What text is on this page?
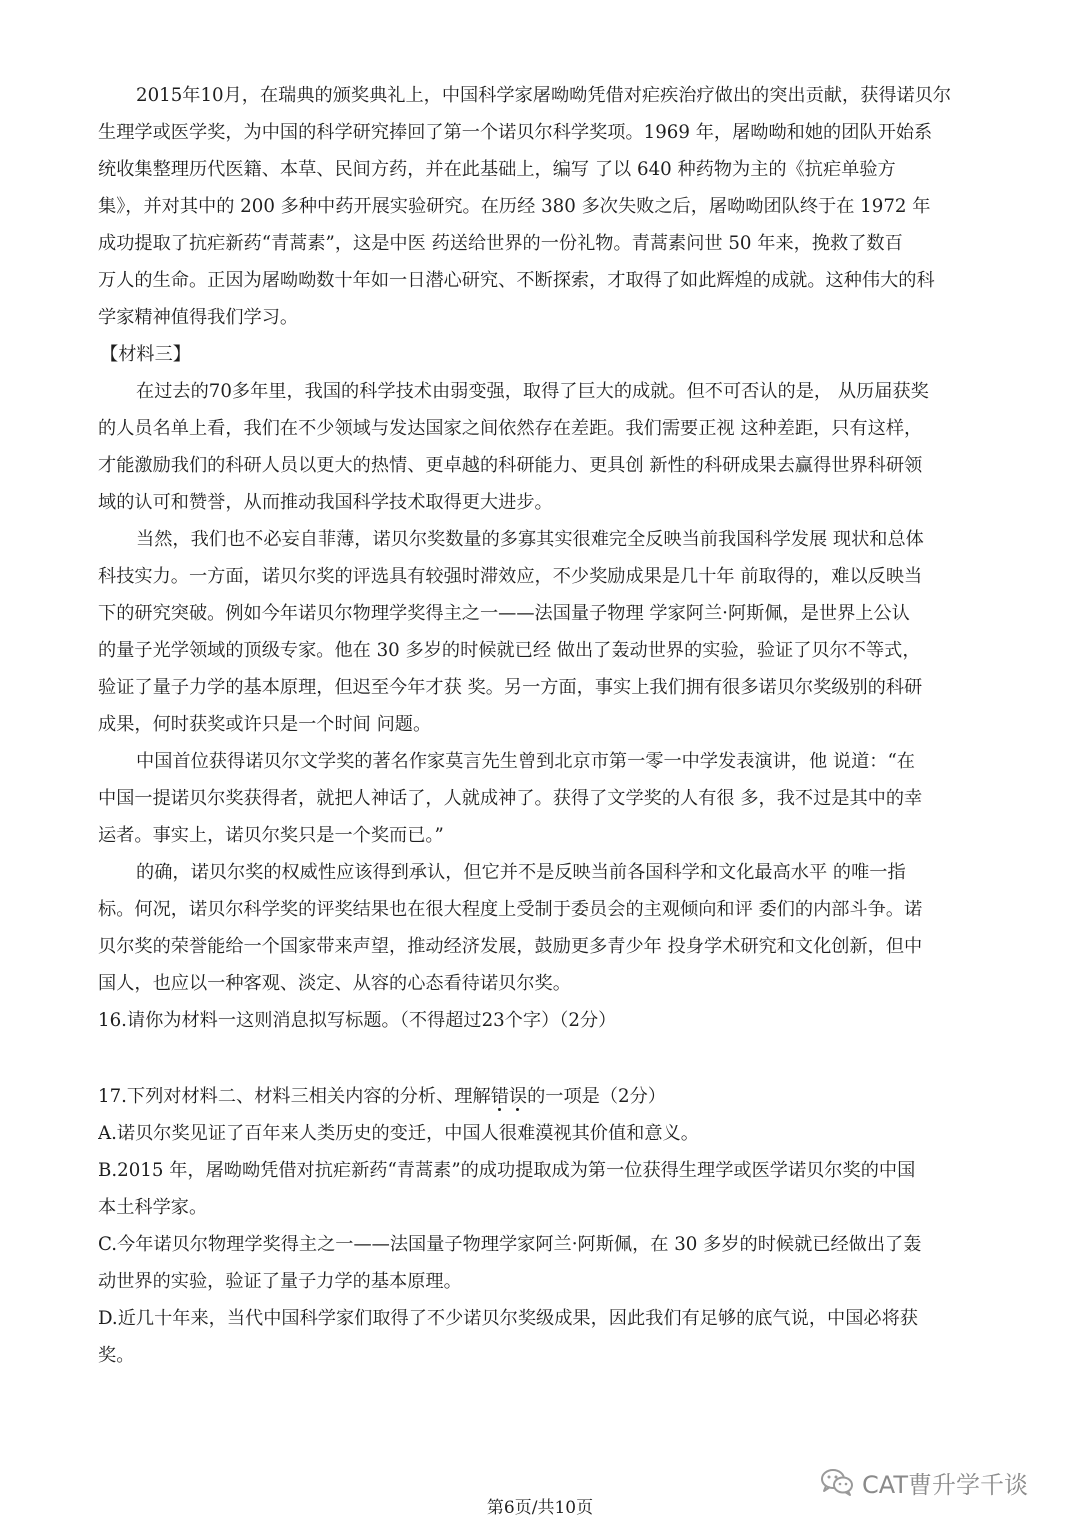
2015年10月，在瑞典的颁奖典礼上，中国科学家屠呦呦凭借对疟疾治疗做出的突出贡献，获得诺贝尔

生理学或医学奖，为中国的科学研究捧回了第一个诺贝尔科学奖项。1969 年，屠呦呦和她的团队开始系

统收集整理历代医籍、本草、民间方药，并在此基础上，编写 了以 640 种药物为主的《抗疟单验方

集》，并对其中的 200 多种中药开展实验研究。在历经 380 多次失败之后，屠呦呦团队终于在 1972 年

成功提取了抗疟新药“青蒿素”，这是中医 药送给世界的一份礼物。青蒿素问世 50 年来，挽救了数百

万人的生命。正因为屠呦呦数十年如一日潜心研究、不断探索，才取得了如此辉煌的成就。这种伟大的科

学家精神值得我们学习。

【材料三】

在过去的70多年里，我国的科学技术由弱变强，取得了巨大的成就。但不可否认的是， 从历届获奖

的人员名单上看，我们在不少领域与发达国家之间依然存在差距。我们需要正视 这种差距，只有这样，

才能激励我们的科研人员以更大的热情、更卓越的科研能力、更具创 新性的科研成果去赢得世界科研领

域的认可和赞誉，从而推动我国科学技术取得更大进步。

当然，我们也不必妄自菲薄，诺贝尔奖数量的多寡其实很难完全反映当前我国科学发展 现状和总体

科技实力。一方面，诺贝尔奖的评选具有较强时滞效应，不少奖励成果是几十年 前取得的，难以反映当

下的研究突破。例如今年诺贝尔物理学奖得主之一——法国量子物理 学家阿兰·阿斯佩，是世界上公认

的量子光学领域的顶级专家。他在 30 多岁的时候就已经 做出了轰动世界的实验，验证了贝尔不等式，

验证了量子力学的基本原理，但迟至今年才获 奖。另一方面，事实上我们拥有很多诺贝尔奖级别的科研

成果，何时获奖或许只是一个时间 问题。

中国首位获得诺贝尔文学奖的著名作家莫言先生曾到北京市第一零一中学发表演讲，他 说道：“在

中国一提诺贝尔奖获得者，就把人神话了，人就成神了。获得了文学奖的人有很 多，我不过是其中的幸

运者。事实上，诺贝尔奖只是一个奖而已。”

的确，诺贝尔奖的权威性应该得到承认，但它并不是反映当前各国科学和文化最高水平 的唯一指

标。何况，诺贝尔科学奖的评奖结果也在很大程度上受制于委员会的主观倾向和评 委们的内部斗争。诺

贝尔奖的荣誉能给一个国家带来声望，推动经济发展，鼓励更多青少年 投身学术研究和文化创新，但中

国人，也应以一种客观、淡定、从容的心态看待诺贝尔奖。

16.请你为材料一这则消息拟写标题。（不得超过23个字）（2分）

17.下列对材料二、材料三相关内容的分析、理解错误的一项是（2分）

A.诺贝尔奖见证了百年来人类历史的变迁，中国人很难漠视其价值和意义。

B.2015 年，屠呦呦凭借对抗疟新药“青蒿素”的成功提取成为第一位获得生理学或医学诺贝尔奖的中国

本土科学家。

C.今年诺贝尔物理学奖得主之一——法国量子物理学家阿兰·阿斯佩，在 30 多岁的时候就已经做出了轰

动世界的实验，验证了量子力学的基本原理。

D.近几十年来，当代中国科学家们取得了不少诺贝尔奖级成果，因此我们有足够的底气说，中国必将获

奖。

CAT曹升学千谈
第6页/共10页
